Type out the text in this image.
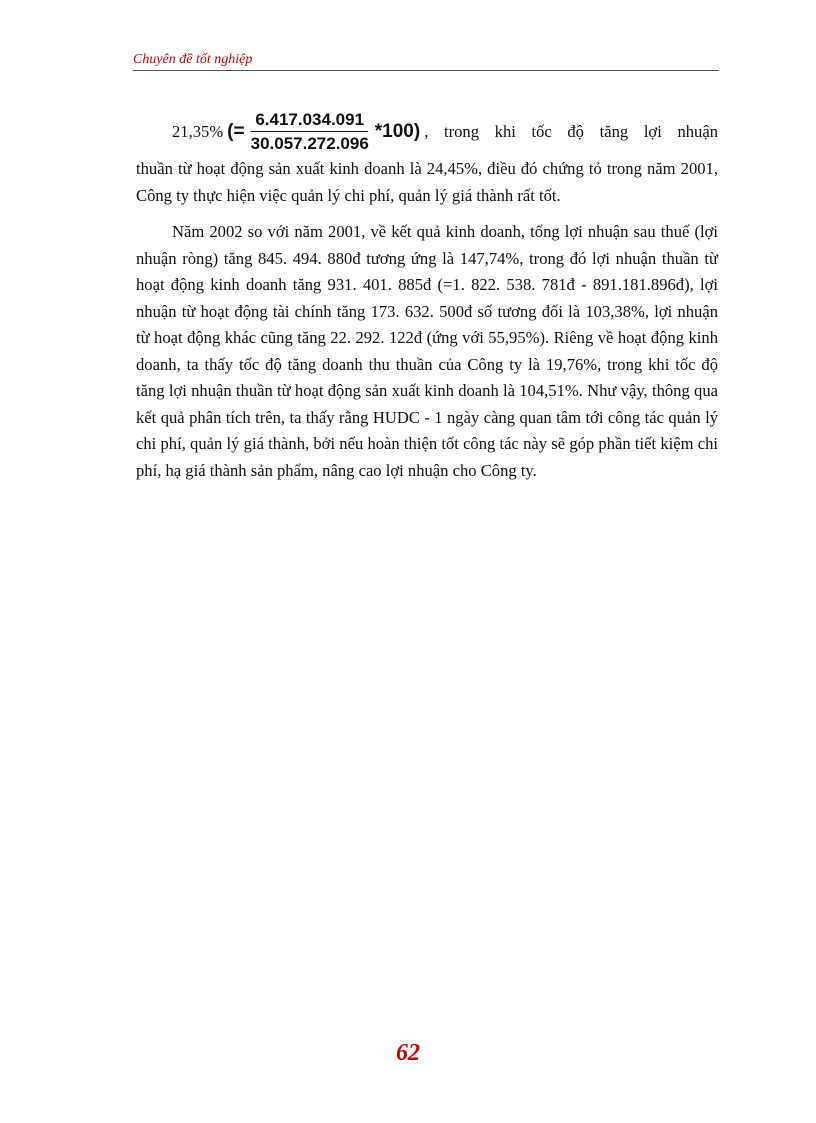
Chuyên đề tốt nghiệp
21,35% (= $\frac{6.417.034.091}{30.057.272.096} *100$) , trong khi tốc độ tăng lợi nhuận

thuần từ hoạt động sản xuất kinh doanh là 24,45%, điều đó chứng tỏ trong năm 2001, Công ty thực hiện việc quản lý chi phí, quản lý giá thành rất tốt.

Năm 2002 so với năm 2001, về kết quả kinh doanh, tổng lợi nhuận sau thuế (lợi nhuận ròng) tăng 845. 494. 880đ tương ứng là 147,74%, trong đó lợi nhuận thuần từ hoạt động kinh doanh tăng 931. 401. 885đ (=1. 822. 538. 781đ - 891.181.896đ), lợi nhuận từ hoạt động tài chính tăng 173. 632. 500đ số tương đối là 103,38%, lợi nhuận từ hoạt động khác cũng tăng 22. 292. 122đ (ứng với 55,95%). Riêng về hoạt động kinh doanh, ta thấy tốc độ tăng doanh thu thuần của Công ty là 19,76%, trong khi tốc độ tăng lợi nhuận thuần từ hoạt động sản xuất kinh doanh là 104,51%. Như vậy, thông qua kết quả phân tích trên, ta thấy rằng HUDC - 1 ngày càng quan tâm tới công tác quản lý chi phí, quản lý giá thành, bởi nếu hoàn thiện tốt công tác này sẽ góp phần tiết kiệm chi phí, hạ giá thành sản phẩm, nâng cao lợi nhuận cho Công ty.

62
